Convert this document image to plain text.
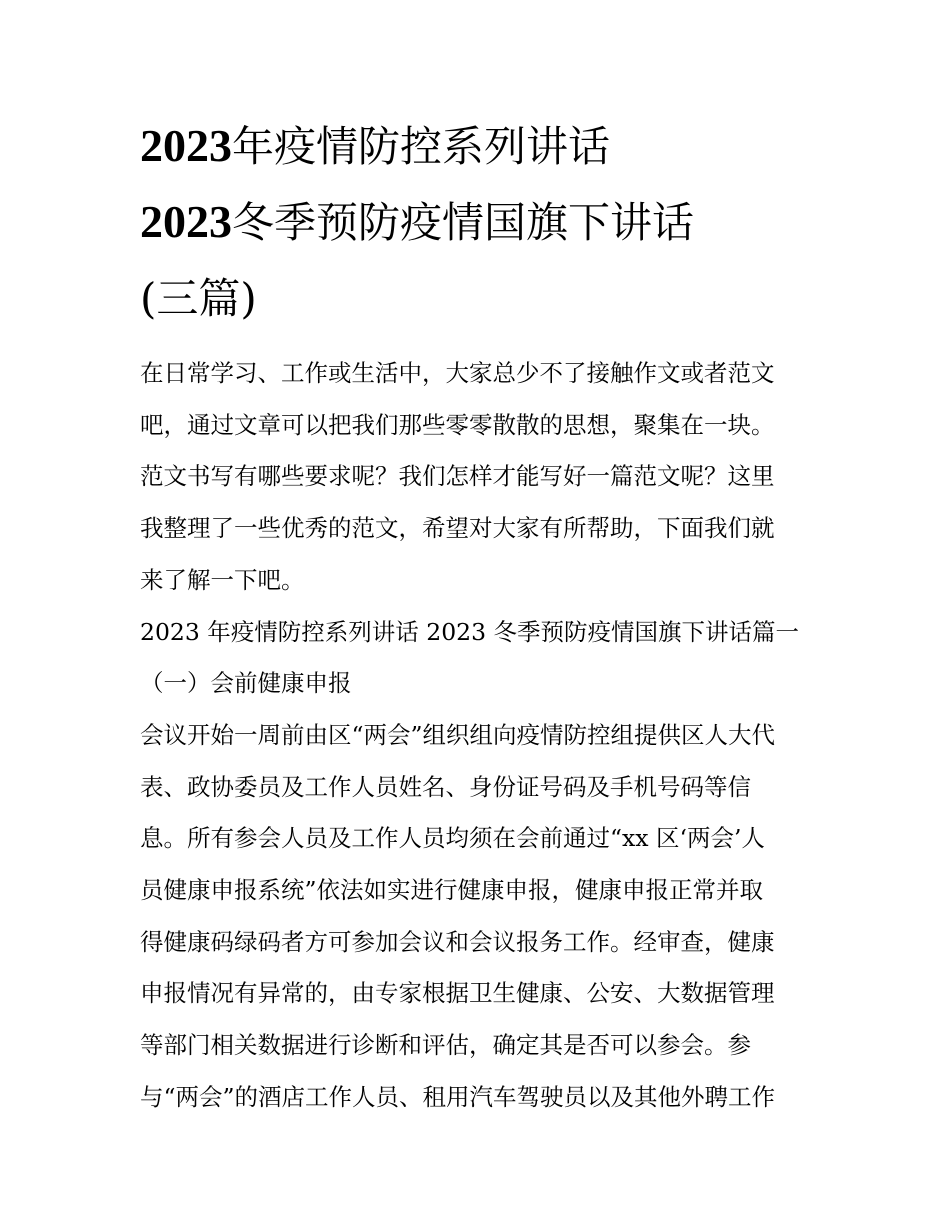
2023年疫情防控系列讲话
2023冬季预防疫情国旗下讲话
(三篇)
在日常学习、工作或生活中，大家总少不了接触作文或者范文
吧，通过文章可以把我们那些零零散散的思想，聚集在一块。
范文书写有哪些要求呢？我们怎样才能写好一篇范文呢？这里
我整理了一些优秀的范文，希望对大家有所帮助，下面我们就
来了解一下吧。
2023 年疫情防控系列讲话 2023 冬季预防疫情国旗下讲话篇一
（一）会前健康申报
会议开始一周前由区“两会”组织组向疫情防控组提供区人大代
表、政协委员及工作人员姓名、身份证号码及手机号码等信
息。所有参会人员及工作人员均须在会前通过“xx 区‘两会’人
员健康申报系统”依法如实进行健康申报，健康申报正常并取
得健康码绿码者方可参加会议和会议报务工作。经审查，健康
申报情况有异常的，由专家根据卫生健康、公安、大数据管理
等部门相关数据进行诊断和评估，确定其是否可以参会。参
与“两会”的酒店工作人员、租用汽车驾驶员以及其他外聘工作
